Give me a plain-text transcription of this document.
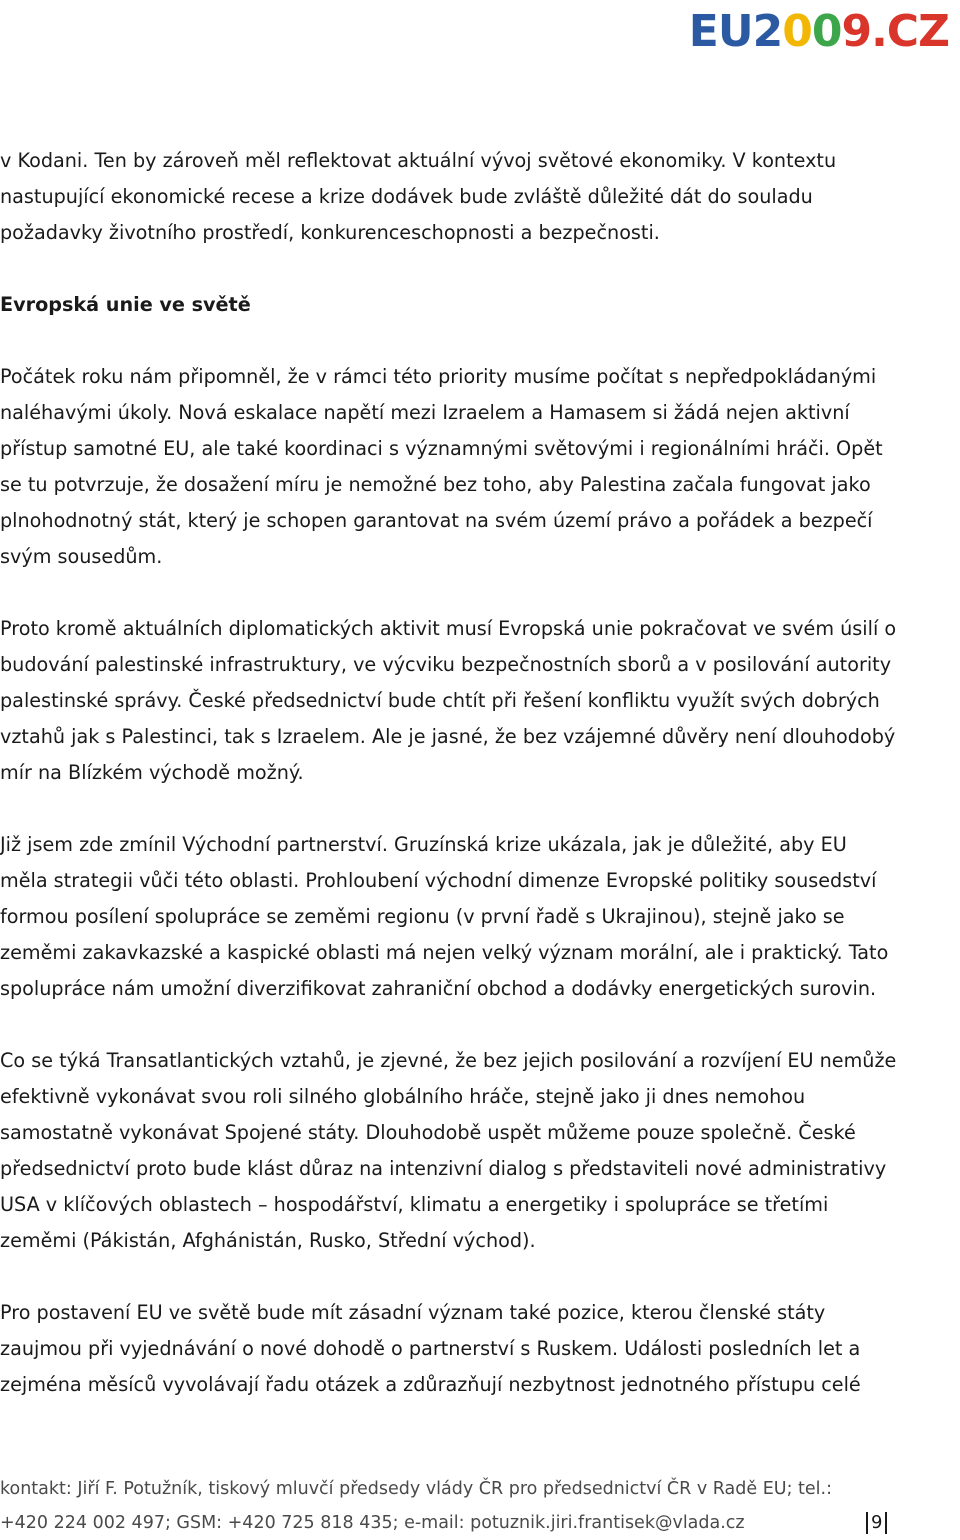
EU 2 0 0 9 . CZ

v Kodani. Ten by zároveň měl reflektovat aktuální vývoj světové ekonomiky. V kontextu nastupující ekonomické recese a krize dodávek bude zvláště důležité dát do souladu požadavky životního prostředí, konkurenceschopnosti a bezpečnosti.

Evropská unie ve světě

Počátek roku nám připomněl, že v rámci této priority musíme počítat s nepředpokládanými naléhavými úkoly. Nová eskalace napětí mezi Izraelem a Hamasem si žádá nejen aktivní přístup samotné EU, ale také koordinaci s významnými světovými i regionálními hráči. Opět se tu potvrzuje, že dosažení míru je nemožné bez toho, aby Palestina začala fungovat jako plnohodnotný stát, který je schopen garantovat na svém území právo a pořádek a bezpečí svým sousedům.

Proto kromě aktuálních diplomatických aktivit musí Evropská unie pokračovat ve svém úsilí o budování palestinské infrastruktury, ve výcviku bezpečnostních sborů a v posilování autority palestinské správy. České předsednictví bude chtít při řešení konfliktu využít svých dobrých vztahů jak s Palestinci, tak s Izraelem. Ale je jasné, že bez vzájemné důvěry není dlouhodobý mír na Blízkém východě možný.

Již jsem zde zmínil Východní partnerství. Gruzínská krize ukázala, jak je důležité, aby EU měla strategii vůči této oblasti. Prohloubení východní dimenze Evropské politiky sousedství formou posílení spolupráce se zeměmi regionu (v první řadě s Ukrajinou), stejně jako se zeměmi zakavkazské a kaspické oblasti má nejen velký význam morální, ale i praktický. Tato spolupráce nám umožní diverzifikovat zahraniční obchod a dodávky energetických surovin.

Co se týká Transatlantických vztahů, je zjevné, že bez jejich posilování a rozvíjení EU nemůže efektivně vykonávat svou roli silného globálního hráče, stejně jako ji dnes nemohou samostatně vykonávat Spojené státy. Dlouhodobě uspět můžeme pouze společně. České předsednictví proto bude klást důraz na intenzivní dialog s představiteli nové administrativy USA v klíčových oblastech – hospodářství, klimatu a energetiky i spolupráce se třetími zeměmi (Pákistán, Afghánistán, Rusko, Střední východ).

Pro postavení EU ve světě bude mít zásadní význam také pozice, kterou členské státy zaujmou při vyjednávání o nové dohodě o partnerství s Ruskem. Události posledních let a zejména měsíců vyvolávají řadu otázek a zdůrazňují nezbytnost jednotného přístupu celé

kontakt: Jiří F. Potužník, tiskový mluvčí předsedy vlády ČR pro předsednictví ČR v Radě EU; tel.:
+420 224 002 497; GSM: +420 725 818 435; e-mail: potuznik.jiri.frantisek@vlada.cz	9
